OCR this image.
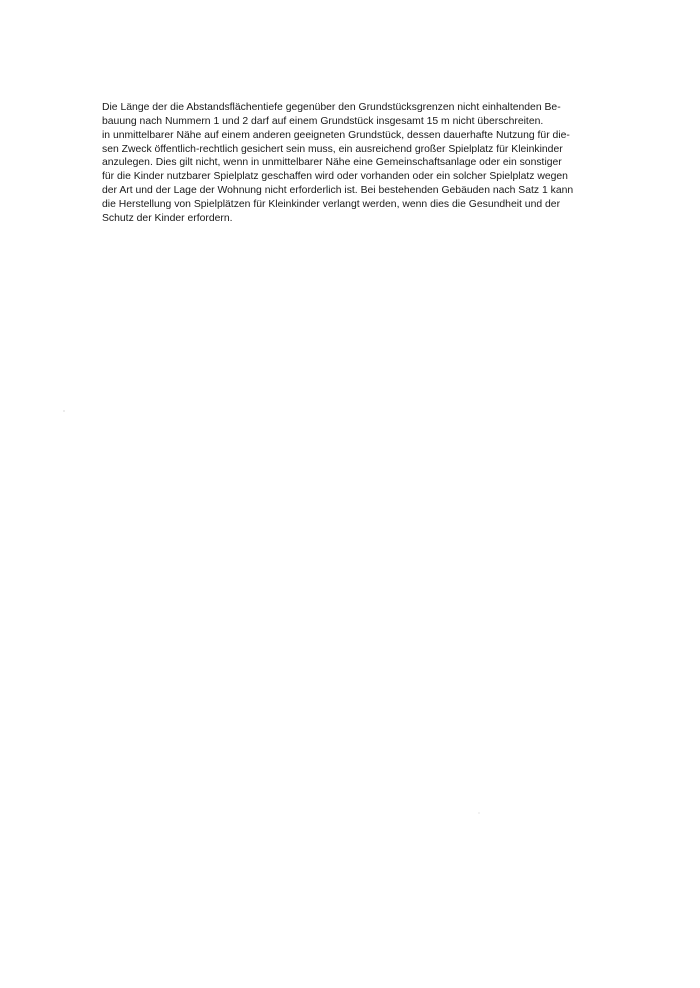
Die Länge der die Abstandsflächentiefe gegenüber den Grundstücksgrenzen nicht einhaltenden Be-
bauung nach Nummern 1 und 2 darf auf einem Grundstück insgesamt 15 m nicht überschreiten.
in unmittelbarer Nähe auf einem anderen geeigneten Grundstück, dessen dauerhafte Nutzung für die-
sen Zweck öffentlich-rechtlich gesichert sein muss, ein ausreichend großer Spielplatz für Kleinkinder
anzulegen. Dies gilt nicht, wenn in unmittelbarer Nähe eine Gemeinschaftsanlage oder ein sonstiger
für die Kinder nutzbarer Spielplatz geschaffen wird oder vorhanden oder ein solcher Spielplatz wegen
der Art und der Lage der Wohnung nicht erforderlich ist. Bei bestehenden Gebäuden nach Satz 1 kann
die Herstellung von Spielplätzen für Kleinkinder verlangt werden, wenn dies die Gesundheit und der
Schutz der Kinder erfordern.
